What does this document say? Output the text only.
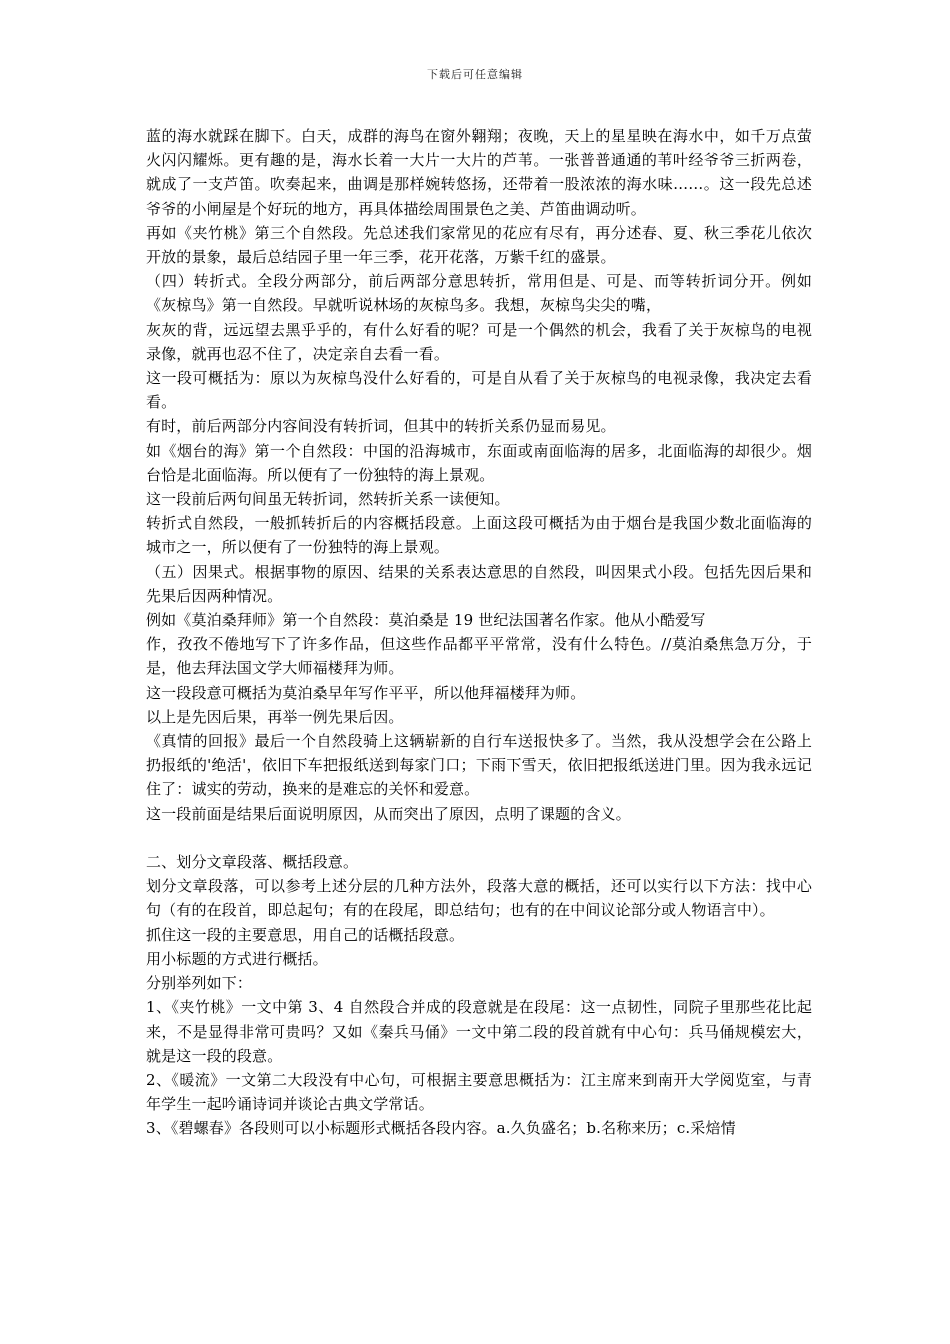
下载后可任意编辑

蓝的海水就踩在脚下。白天，成群的海鸟在窗外翱翔；夜晚，天上的星星映在海水中，如千万点萤火闪闪耀烁。更有趣的是，海水长着一大片一大片的芦苇。一张普普通通的苇叶经爷爷三折两卷，就成了一支芦笛。吹奏起来，曲调是那样婉转悠扬，还带着一股浓浓的海水味……。这一段先总述爷爷的小闸屋是个好玩的地方，再具体描绘周围景色之美、芦笛曲调动听。

再如《夹竹桃》第三个自然段。先总述我们家常见的花应有尽有，再分述春、夏、秋三季花儿依次开放的景象，最后总结园子里一年三季，花开花落，万紫千红的盛景。

（四）转折式。全段分两部分，前后两部分意思转折，常用但是、可是、而等转折词分开。例如《灰椋鸟》第一自然段。早就听说林场的灰椋鸟多。我想，灰椋鸟尖尖的嘴，

灰灰的背，远远望去黑乎乎的，有什么好看的呢？可是一个偶然的机会，我看了关于灰椋鸟的电视录像，就再也忍不住了，决定亲自去看一看。

这一段可概括为：原以为灰椋鸟没什么好看的，可是自从看了关于灰椋鸟的电视录像，我决定去看看。

有时，前后两部分内容间没有转折词，但其中的转折关系仍显而易见。

如《烟台的海》第一个自然段：中国的沿海城市，东面或南面临海的居多，北面临海的却很少。烟台恰是北面临海。所以便有了一份独特的海上景观。

这一段前后两句间虽无转折词，然转折关系一读便知。

转折式自然段，一般抓转折后的内容概括段意。上面这段可概括为由于烟台是我国少数北面临海的城市之一，所以便有了一份独特的海上景观。

（五）因果式。根据事物的原因、结果的关系表达意思的自然段，叫因果式小段。包括先因后果和先果后因两种情况。

例如《莫泊桑拜师》第一个自然段：莫泊桑是 19 世纪法国著名作家。他从小酷爱写

作，孜孜不倦地写下了许多作品，但这些作品都平平常常，没有什么特色。//莫泊桑焦急万分，于是，他去拜法国文学大师福楼拜为师。

这一段段意可概括为莫泊桑早年写作平平，所以他拜福楼拜为师。

以上是先因后果，再举一例先果后因。

《真情的回报》最后一个自然段骑上这辆崭新的自行车送报快多了。当然，我从没想学会在公路上扔报纸的'绝活'，依旧下车把报纸送到每家门口；下雨下雪天，依旧把报纸送进门里。因为我永远记住了：诚实的劳动，换来的是难忘的关怀和爱意。

这一段前面是结果后面说明原因，从而突出了原因，点明了课题的含义。

二、划分文章段落、概括段意。

划分文章段落，可以参考上述分层的几种方法外，段落大意的概括，还可以实行以下方法：找中心句（有的在段首，即总起句；有的在段尾，即总结句；也有的在中间议论部分或人物语言中）。

抓住这一段的主要意思，用自己的话概括段意。

用小标题的方式进行概括。

分别举列如下：

1、《夹竹桃》一文中第 3、4 自然段合并成的段意就是在段尾：这一点韧性，同院子里那些花比起来，不是显得非常可贵吗？又如《秦兵马俑》一文中第二段的段首就有中心句：兵马俑规模宏大，就是这一段的段意。

2、《暖流》一文第二大段没有中心句，可根据主要意思概括为：江主席来到南开大学阅览室，与青年学生一起吟诵诗词并谈论古典文学常话。

3、《碧螺春》各段则可以小标题形式概括各段内容。a.久负盛名；b.名称来历；c.采焙情
